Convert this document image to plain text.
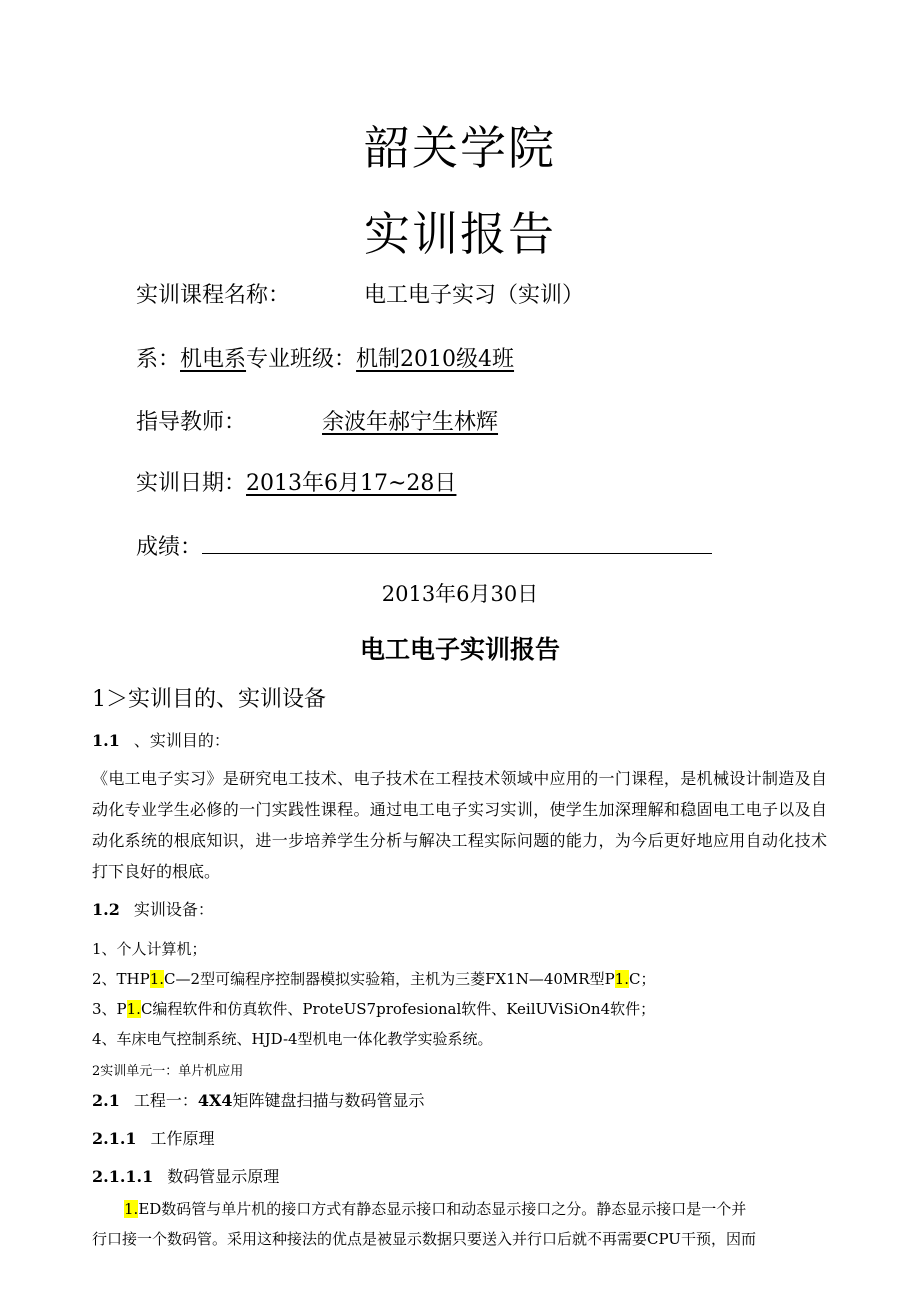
韶关学院
实训报告
实训课程名称：	电工电子实习（实训）
系：机电系专业班级：机制2010级4班
指导教师：	余波年郝宁生林辉
实训日期：2013年6月17~28日
成绩：
2013年6月30日
电工电子实训报告
1＞实训目的、实训设备
1.1 、实训目的：
《电工电子实习》是研究电工技术、电子技术在工程技术领域中应用的一门课程，是机械设计制造及自动化专业学生必修的一门实践性课程。通过电工电子实习实训，使学生加深理解和稳固电工电子以及自动化系统的根底知识，进一步培养学生分析与解决工程实际问题的能力，为今后更好地应用自动化技术打下良好的根底。
1.2 实训设备：
1、个人计算机；
2、THP1.C—2型可编程序控制器模拟实验箱，主机为三菱FX1N—40MR型P1.C；
3、P1.C编程软件和仿真软件、ProteUS7profesional软件、KeilUViSiOn4软件；
4、车床电气控制系统、HJD-4型机电一体化教学实验系统。
2实训单元一：单片机应用
2.1 工程一：4X4矩阵键盘扫描与数码管显示
2.1.1 工作原理
2.1.1.1 数码管显示原理
1.ED数码管与单片机的接口方式有静态显示接口和动态显示接口之分。静态显示接口是一个并
行口接一个数码管。采用这种接法的优点是被显示数据只要送入并行口后就不再需要CPU干预，因而
